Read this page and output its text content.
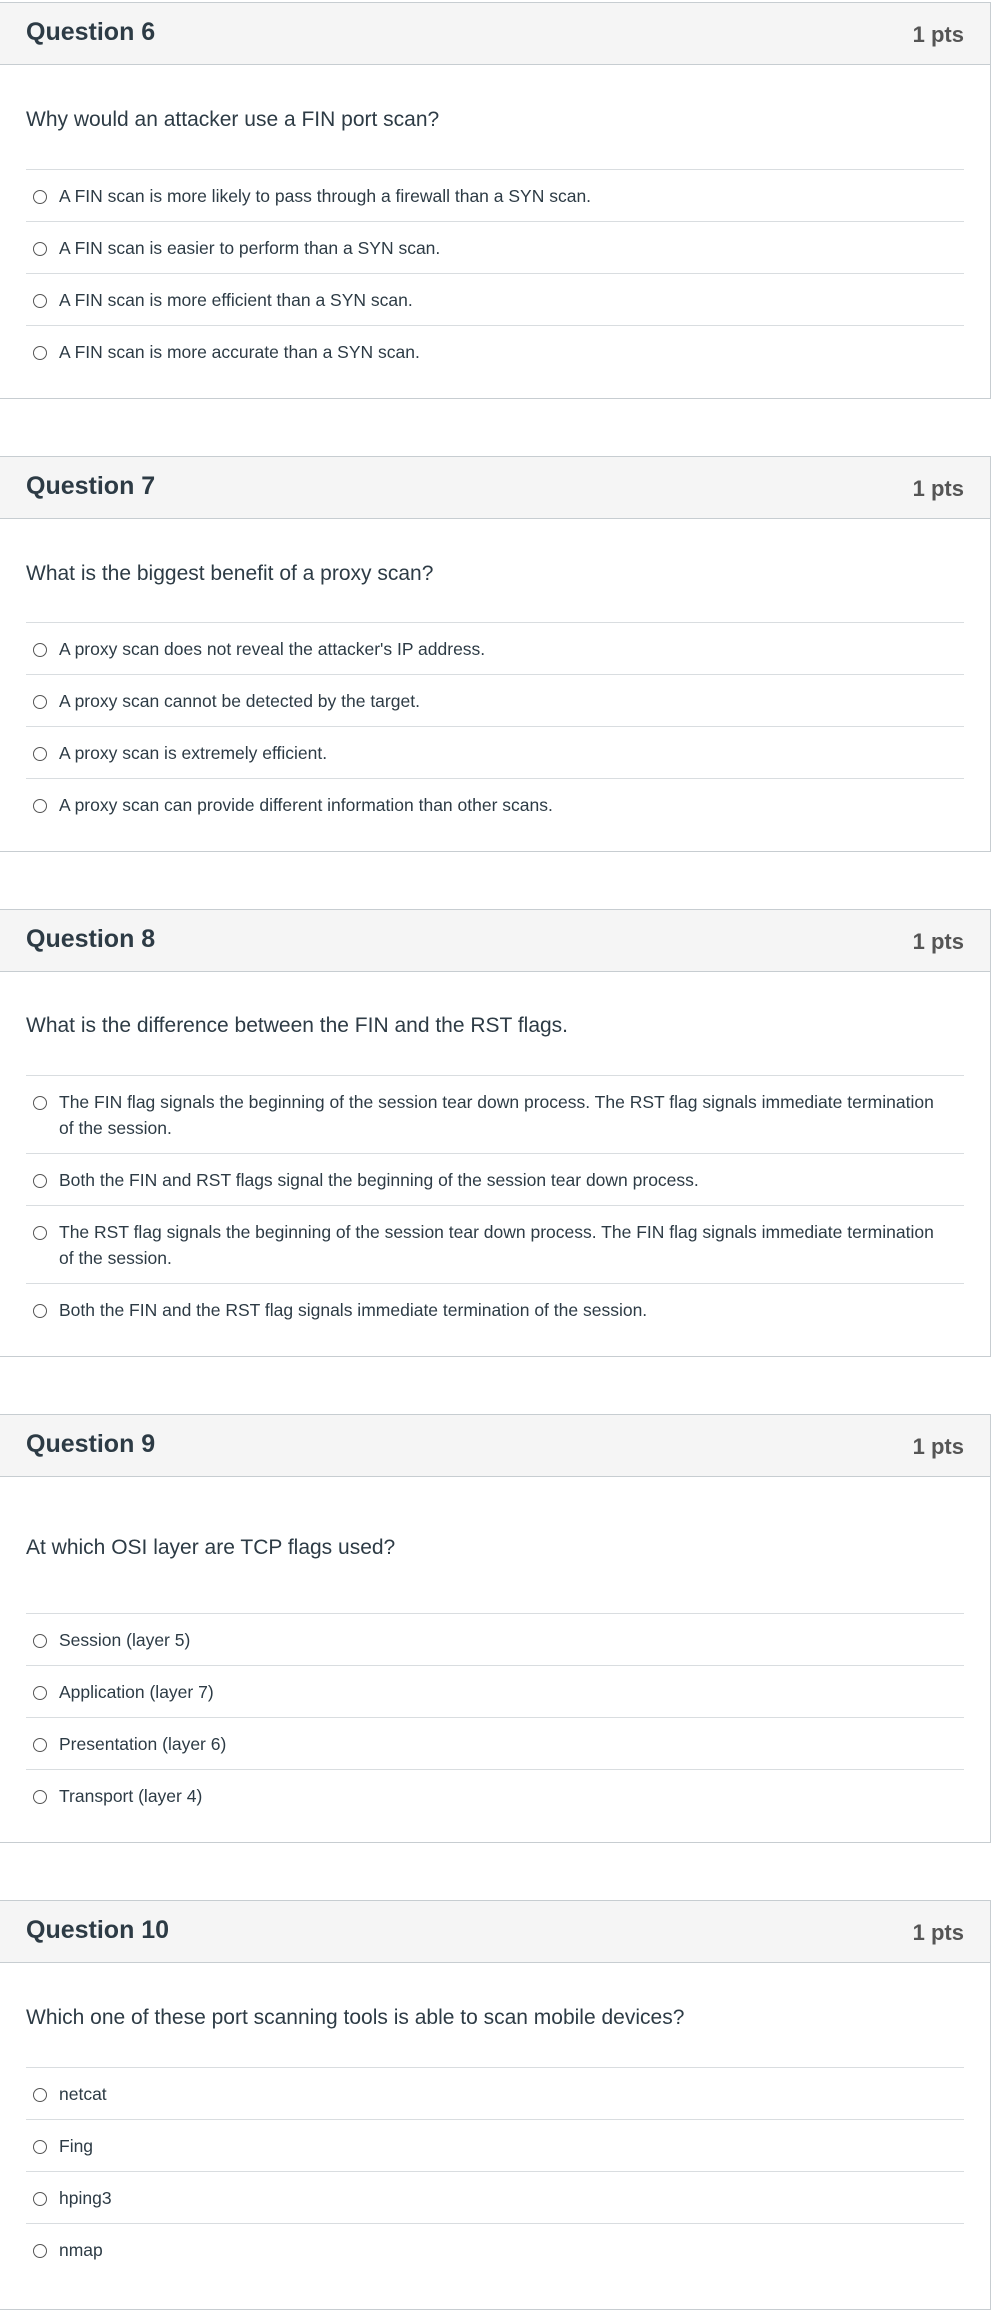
Question 6	1 pts
Why would an attacker use a FIN port scan?
A FIN scan is more likely to pass through a firewall than a SYN scan.
A FIN scan is easier to perform than a SYN scan.
A FIN scan is more efficient than a SYN scan.
A FIN scan is more accurate than a SYN scan.
Question 7	1 pts
What is the biggest benefit of a proxy scan?
A proxy scan does not reveal the attacker's IP address.
A proxy scan cannot be detected by the target.
A proxy scan is extremely efficient.
A proxy scan can provide different information than other scans.
Question 8	1 pts
What is the difference between the FIN and the RST flags.
The FIN flag signals the beginning of the session tear down process. The RST flag signals immediate termination of the session.
Both the FIN and RST flags signal the beginning of the session tear down process.
The RST flag signals the beginning of the session tear down process. The FIN flag signals immediate termination of the session.
Both the FIN and the RST flag signals immediate termination of the session.
Question 9	1 pts
At which OSI layer are TCP flags used?
Session (layer 5)
Application (layer 7)
Presentation (layer 6)
Transport (layer 4)
Question 10	1 pts
Which one of these port scanning tools is able to scan mobile devices?
netcat
Fing
hping3
nmap
